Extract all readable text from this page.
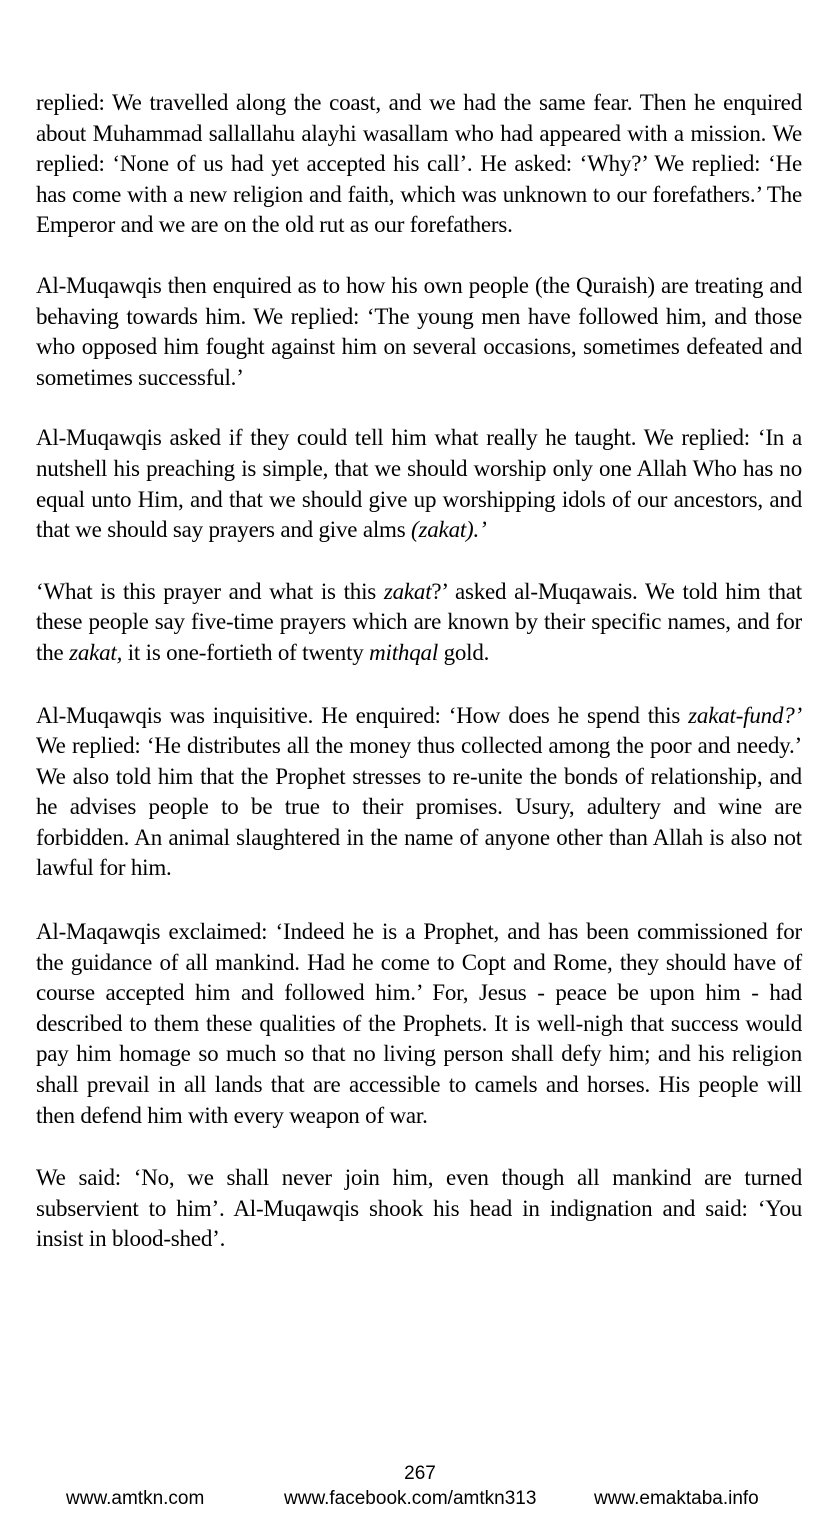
replied: We travelled along the coast, and we had the same fear. Then he enquired about Muhammad sallallahu alayhi wasallam who had appeared with a mission. We replied: ‘None of us had yet accepted his call’. He asked: ‘Why?’ We replied: ‘He has come with a new religion and faith, which was unknown to our forefathers.’ The Emperor and we are on the old rut as our forefathers.

Al-Muqawqis then enquired as to how his own people (the Quraish) are treating and behaving towards him. We replied: ‘The young men have followed him, and those who opposed him fought against him on several occasions, sometimes defeated and sometimes successful.’

Al-Muqawqis asked if they could tell him what really he taught. We replied: ‘In a nutshell his preaching is simple, that we should worship only one Allah Who has no equal unto Him, and that we should give up worshipping idols of our ancestors, and that we should say prayers and give alms (zakat).’

‘What is this prayer and what is this zakat?’ asked al-Muqawais. We told him that these people say five-time prayers which are known by their specific names, and for the zakat, it is one-fortieth of twenty mithqal gold.

Al-Muqawqis was inquisitive. He enquired: ‘How does he spend this zakat-fund?’ We replied: ‘He distributes all the money thus collected among the poor and needy.’ We also told him that the Prophet stresses to re-unite the bonds of relationship, and he advises people to be true to their promises. Usury, adultery and wine are forbidden. An animal slaughtered in the name of anyone other than Allah is also not lawful for him.

Al-Maqawqis exclaimed: ‘Indeed he is a Prophet, and has been commissioned for the guidance of all mankind. Had he come to Copt and Rome, they should have of course accepted him and followed him.’ For, Jesus - peace be upon him - had described to them these qualities of the Prophets. It is well-nigh that success would pay him homage so much so that no living person shall defy him; and his religion shall prevail in all lands that are accessible to camels and horses. His people will then defend him with every weapon of war.

We said: ‘No, we shall never join him, even though all mankind are turned subservient to him’. Al-Muqawqis shook his head in indignation and said: ‘You insist in blood-shed’.

267
www.amtkn.com	www.facebook.com/amtkn313	www.emaktaba.info
